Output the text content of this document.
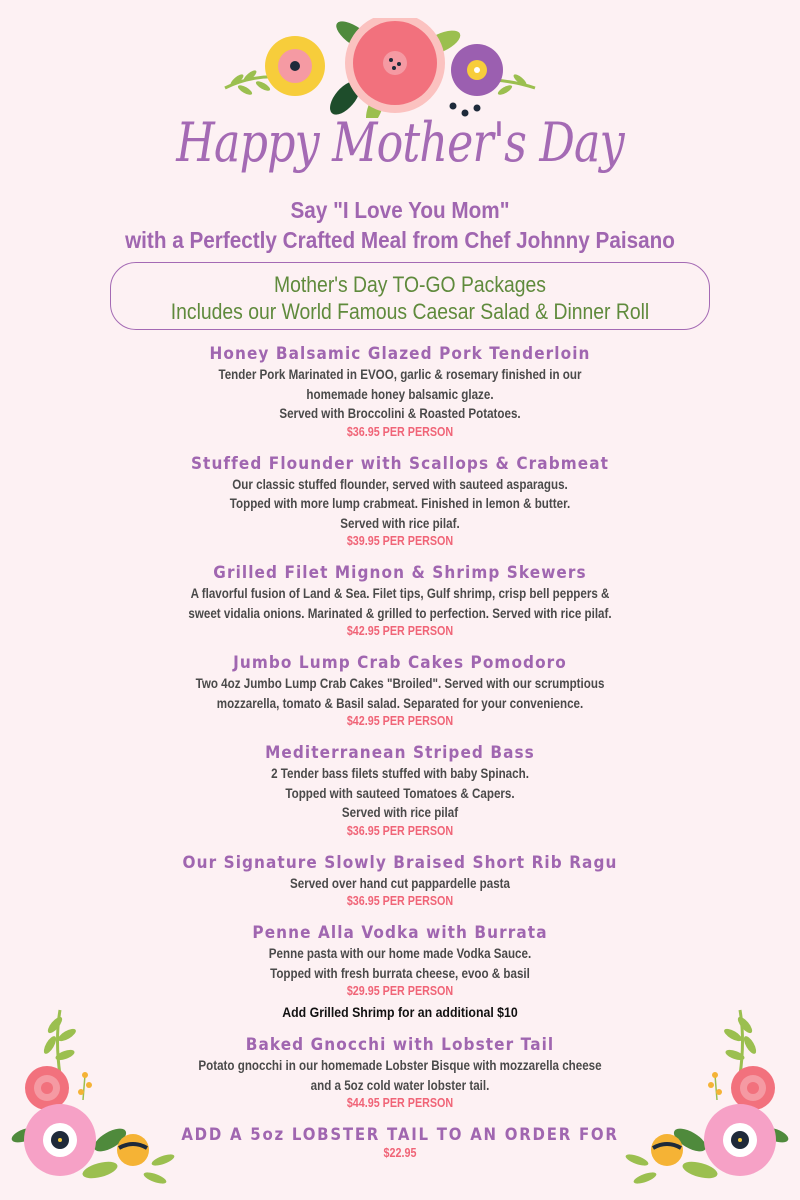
Happy Mother's Day
Say "I Love You Mom"
with a Perfectly Crafted Meal from Chef Johnny Paisano
Mother's Day TO-GO Packages
Includes our World Famous Caesar Salad & Dinner Roll
Honey Balsamic Glazed Pork Tenderloin
Tender Pork Marinated in EVOO, garlic & rosemary finished in our
homemade honey balsamic glaze.
Served with Broccolini & Roasted Potatoes.
$36.95 PER PERSON
Stuffed Flounder with Scallops & Crabmeat
Our classic stuffed flounder, served with sauteed asparagus.
Topped with more lump crabmeat. Finished in lemon & butter.
Served with rice pilaf.
$39.95 PER PERSON
Grilled Filet Mignon & Shrimp Skewers
A flavorful fusion of Land & Sea. Filet tips, Gulf shrimp, crisp bell peppers &
sweet vidalia onions. Marinated & grilled to perfection. Served with rice pilaf.
$42.95 PER PERSON
Jumbo Lump Crab Cakes Pomodoro
Two 4oz Jumbo Lump Crab Cakes "Broiled". Served with our scrumptious
mozzarella, tomato & Basil salad. Separated for your convenience.
$42.95 PER PERSON
Mediterranean Striped Bass
2 Tender bass filets stuffed with baby Spinach.
Topped with sauteed Tomatoes & Capers.
Served with rice pilaf
$36.95 PER PERSON
Our Signature Slowly Braised Short Rib Ragu
Served over hand cut pappardelle pasta
$36.95 PER PERSON
Penne Alla Vodka with Burrata
Penne pasta with our home made Vodka Sauce.
Topped with fresh burrata cheese, evoo & basil
$29.95 PER PERSON
Add Grilled Shrimp for an additional $10
Baked Gnocchi with Lobster Tail
Potato gnocchi in our homemade Lobster Bisque with mozzarella cheese
and a 5oz cold water lobster tail.
$44.95 PER PERSON
ADD A 5oz LOBSTER TAIL TO AN ORDER FOR
$22.95
